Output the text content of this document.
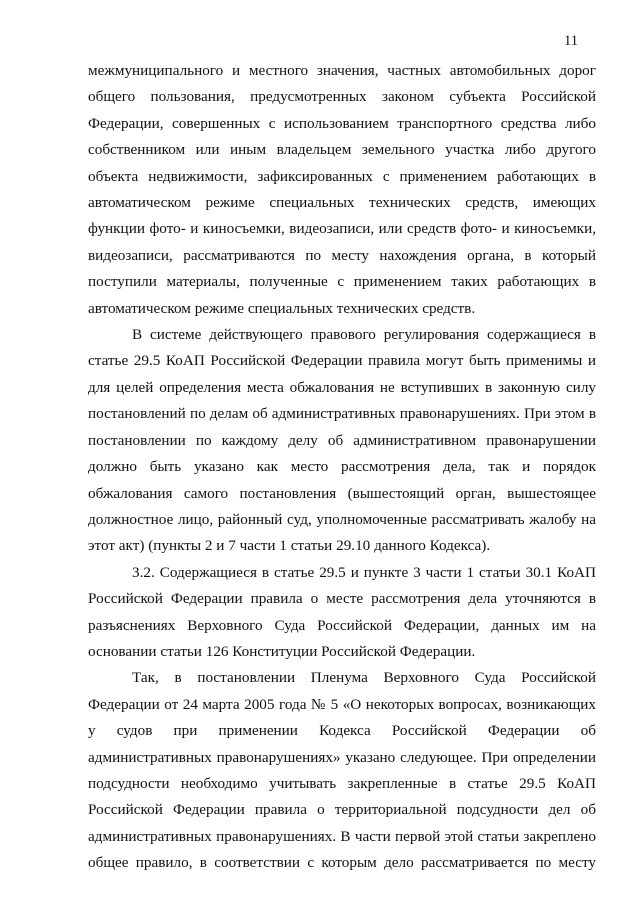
11

межмуниципального и местного значения, частных автомобильных дорог общего пользования, предусмотренных законом субъекта Российской Федерации, совершенных с использованием транспортного средства либо собственником или иным владельцем земельного участка либо другого объекта недвижимости, зафиксированных с применением работающих в автоматическом режиме специальных технических средств, имеющих функции фото- и киносъемки, видеозаписи, или средств фото- и киносъемки, видеозаписи, рассматриваются по месту нахождения органа, в который поступили материалы, полученные с применением таких работающих в автоматическом режиме специальных технических средств.

В системе действующего правового регулирования содержащиеся в статье 29.5 КоАП Российской Федерации правила могут быть применимы и для целей определения места обжалования не вступивших в законную силу постановлений по делам об административных правонарушениях. При этом в постановлении по каждому делу об административном правонарушении должно быть указано как место рассмотрения дела, так и порядок обжалования самого постановления (вышестоящий орган, вышестоящее должностное лицо, районный суд, уполномоченные рассматривать жалобу на этот акт) (пункты 2 и 7 части 1 статьи 29.10 данного Кодекса).

3.2. Содержащиеся в статье 29.5 и пункте 3 части 1 статьи 30.1 КоАП Российской Федерации правила о месте рассмотрения дела уточняются в разъяснениях Верховного Суда Российской Федерации, данных им на основании статьи 126 Конституции Российской Федерации.

Так, в постановлении Пленума Верховного Суда Российской Федерации от 24 марта 2005 года № 5 «О некоторых вопросах, возникающих у судов при применении Кодекса Российской Федерации об административных правонарушениях» указано следующее. При определении подсудности необходимо учитывать закрепленные в статье 29.5 КоАП Российской Федерации правила о территориальной подсудности дел об административных правонарушениях. В части первой этой статьи закреплено общее правило, в соответствии с которым дело рассматривается по месту
